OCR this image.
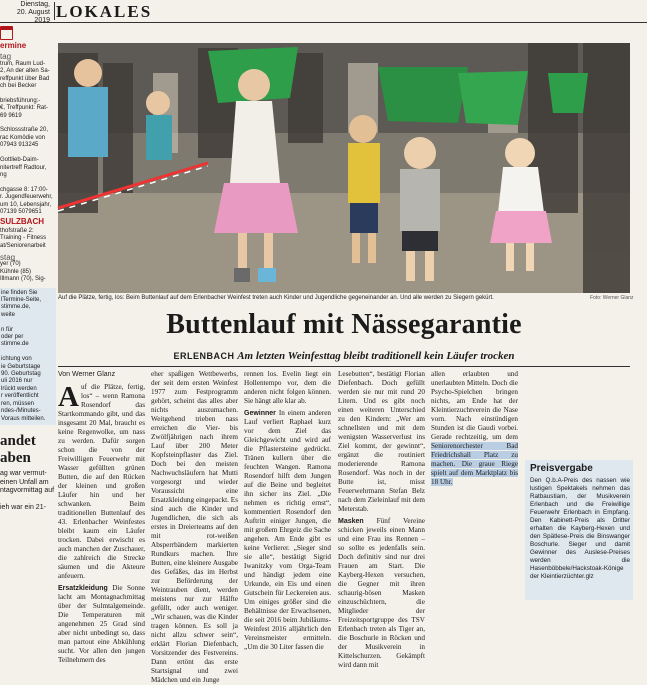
Dienstag,
20. August 2019 LOKALES
ermine
tag
trum, Raum Lud-
2, An der alten Sa-
reffpunkt über Bad
ch bei Becker

briebsführung:-
€, Treffpunkt: Rat-
69 9619

Schlossstraße 20,
rac Komödie von
07943 913245

Gottlieb-Daim-
nitertreff Radtour,
ng

chgasse 8: 17:00-
r. Jugendfeuerwehr,
um 10, Lebensjahr,
07139 5079651
SULZBACH
thofstraße 2:
Training - Fitness
at/Seniorenarbeit
stag
yer (70)
Kühnle (85)
Illmann (70), Sig-
ine finden Sie
lTermine-Seite,
stimme.de,
weite

n für
oder per
stimme.de

ichtung von
ie Geburtstage
90. Geburtstag
uli 2016 nur
lrückt werden
r veröffentlicht
ren, müssen
ndes-/Minutes-
Voraus mitteilen.
andet
aben
ag war vermut-
einen Unfall am
ntagvormittag auf

ieh war ein 21-
Auf die Plätze, fertig, los: Beim Buttenlauf auf dem Erlenbacher Weinfest treten auch Kinder und Jugendliche gegeneinander an. Und alle werden zu Siegern gekürt.	Foto: Werner Glanz
Buttenlauf mit Nässegarantie
ERLENBACH Am letzten Weinfesttag bleibt traditionell kein Läufer trocken
Von Werner Glanz

A uf die Plätze, fertig, los“ – wenn Ramona Rosendorf das Startkommando gibt, und das insgesamt 20 Mal, braucht es keine Regenwolke, um nass zu werden. Dafür sorgen schon die von der Freiwilligen Feuerwehr mit Wasser gefüllten grünen Butten, die auf den Rücken der kleinen und großen Läufer hin und her schwanken. Beim traditionellen Buttenlauf des 43. Erlenbacher Weinfestes bleibt kaum ein Läufer trocken. Dabei erwischt es auch manchen der Zuschauer, die zahlreich die Strecke säumen und die Akteure anfeuern.

Ersatzkleidung Die Sonne lacht am Montagnachmittag über der Sulmtalgemeinde. Die Temperaturen mit angenehmen 25 Grad sind aber nicht unbedingt so, dass man partout eine Abkühlung sucht. Vor allen den jungen Teilnehmern des

eher spaßigen Wettbewerbs, der seit dem ersten Weinfest 1977 zum Festprogramm gehört, scheint das alles aber nichts auszumachen. Weitgehend trieben nass erreichen die Vier- bis Zwölfjährigen nach ihrem Lauf über 200 Meter Kopfsteinpflaster das Ziel. Doch bei den meisten Nachwuchsläufern hat Mutti vorgesorgt und wieder Voraussicht eine Ersatzkleidung eingepackt. Es sind auch die Kinder und Jugendlichen, die sich als erstes in Dreierteams auf den mit rot-weißen Absperrbändern markierten Rundkurs machen. Ihre Butten, eine kleinere Ausgabe des Gefäßes, das im Herbst zur Beförderung der Weintrauben dient, werden meistens nur zur Hälfte gefüllt, oder auch weniger. „Wir schauen, was die Kinder tragen können. Es soll ja nicht allzu schwer sein“, erklärt Florian Diefenbach, Vorsitzender des Festvereins. Dann ertönt das erste Startsignal und zwei Mädchen und ein Junge

rennen los. Evelin liegt ein Hollentempo vor, dem die anderen nicht folgen können. Sie hängt alle klar ab.

Gewinner In einem anderen Lauf verliert Raphael kurz vor dem Ziel das Gleichgewicht und wird auf die Pflastersteine gedrückt. Tränen kullern über die feuchten Wangen. Ramona Rosendorf hilft dem Jungen auf die Beine und begleitet ihn sicher ins Ziel. „Die nehmen es richtig ernst“, kommentiert Rosendorf den Auftritt einiger Jungen, die mit großem Ehrgeiz die Sache angehen. Am Ende gibt es keine Verlierer. „Sieger sind sie alle“, bestätigt Sigrid Iwanitzky vom Orga-Team und händigt jedem eine Urkunde, ein Eis und einen Gutschein für Leckereien aus. Um einiges größer sind die Behältnisse der Erwachsenen, die seit 2016 beim Jubiläums-Weinfest 2016 alljährlich den Vereinsmeister ermitteln. „Um die 30 Liter fassen die

Lesebutten“, bestätigt Florian Diefenbach. Doch gefüllt werden sie nur mit rund 20 Litern. Und es gibt noch einen weiteren Unterschied zu den Kindern: „Wer am schnellsten und mit dem wenigsten Wasserverlust ins Ziel kommt, der gewinnt“, ergänzt die routiniert moderierende Ramona Rosendorf. Was noch in der Butte ist, misst Feuerwehrmann Stefan Belz nach dem Zieleinlauf mit dem Meterstab.

Masken Fünf Vereine schicken jeweils einen Mann und eine Frau ins Rennen – so sollte es jedenfalls sein. Doch definitiv sind nur drei Frauen am Start. Die Kayberg-Hexen versuchen, die Gegner mit ihren schaurig-bösen Masken einzuschüchtern, die Mitglieder der Freizeitsportgruppe des TSV Erlenbach treten als Tiger an, die Boschurle in Röcken und der Musikverein in Kittelschurzen. Gekämpft wird dann mit

allen erlaubten und unerlaubten Mitteln. Doch die Psycho-Spielchen bringen nichts, am Ende hat der Kleintierzuchtverein die Nase vorn. Nach einstündigen Stunden ist die Gaudi vorbei. Gerade rechtzeitig, um dem Seniorenorchester Bad Friedrichshall Platz zu machen. Die graue Riege spielt auf dem Marktplatz bis 18 Uhr.

Preisvergabe
Den Q.b.A-Preis des nassen wie lustigen Spektakels nehmen das Ratbaustiam, der Musikverein Erlenbach und die Freiwillige Feuerwehr Erlenbach in Empfang. Den Kabinett-Preis als Dritter erhalten die Kayberg-Hexen und den Spätlese-Preis die Binswanger Boschurle. Sieger und damit Gewinner des Auslese-Preises werden die Hasenböbbele/Hackstoak-Könige der Kleintierzüchter.glz
